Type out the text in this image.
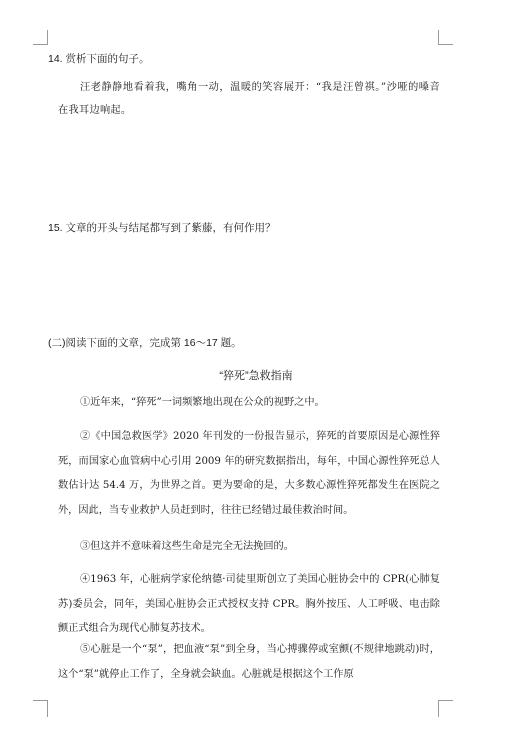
14. 赏析下面的句子。
汪老静静地看着我，嘴角一动，温暖的笑容展开：“我是汪曾祺。”沙哑的嗓音在我耳边响起。
15. 文章的开头与结尾都写到了紫藤，有何作用？
(二)阅读下面的文章，完成第 16～17 题。
“猝死”急救指南
①近年来，“猝死”一词频繁地出现在公众的视野之中。
②《中国急救医学》2020 年刊发的一份报告显示，猝死的首要原因是心源性猝死，而国家心血管病中心引用 2009 年的研究数据指出，每年，中国心源性猝死总人数估计达 54.4 万，为世界之首。更为要命的是，大多数心源性猝死都发生在医院之外，因此，当专业救护人员赶到时，往往已经错过最佳救治时间。
③但这并不意味着这些生命是完全无法挽回的。
④1963 年，心脏病学家伦纳德·司徒里斯创立了美国心脏协会中的 CPR(心肺复苏)委员会，同年，美国心脏协会正式授权支持 CPR。胸外按压、人工呼吸、电击除颤正式组合为现代心肺复苏技术。
⑤心脏是一个“泵”，把血液“泵”到全身，当心搏骤停或室颤(不规律地跳动)时，这个“泵”就停止工作了，全身就会缺血。心脏就是根据这个工作原
